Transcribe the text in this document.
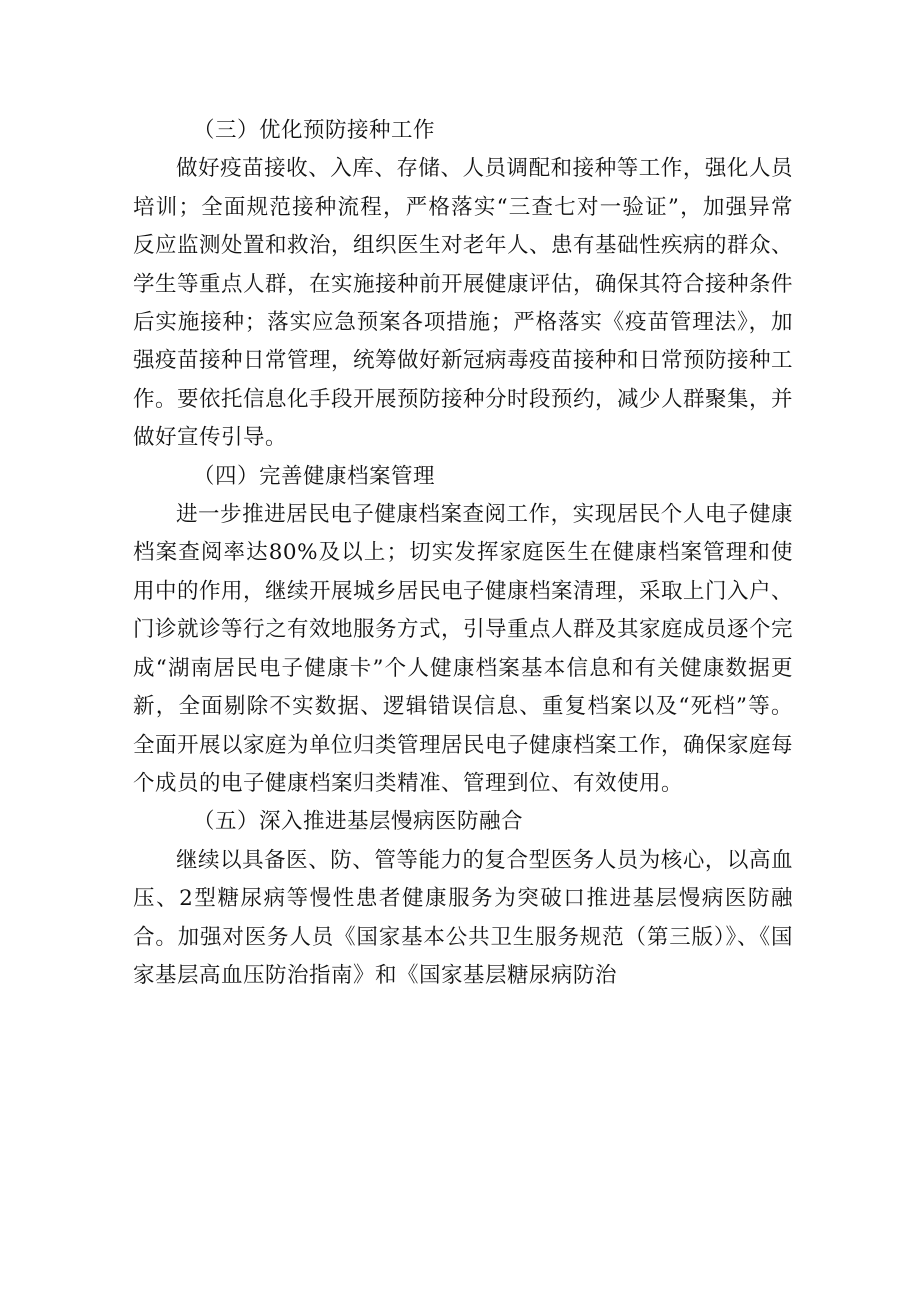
（三）优化预防接种工作

做好疫苗接收、入库、存储、人员调配和接种等工作，强化人员培训；全面规范接种流程，严格落实“三查七对一验证”，加强异常反应监测处置和救治，组织医生对老年人、患有基础性疾病的群众、学生等重点人群，在实施接种前开展健康评估，确保其符合接种条件后实施接种；落实应急预案各项措施；严格落实《疫苗管理法》，加强疫苗接种日常管理，统筹做好新冠病毒疫苗接种和日常预防接种工作。要依托信息化手段开展预防接种分时段预约，减少人群聚集，并做好宣传引导。

（四）完善健康档案管理

进一步推进居民电子健康档案查阅工作，实现居民个人电子健康档案查阅率达80%及以上；切实发挥家庭医生在健康档案管理和使用中的作用，继续开展城乡居民电子健康档案清理，采取上门入户、门诊就诊等行之有效地服务方式，引导重点人群及其家庭成员逐个完成“湖南居民电子健康卡”个人健康档案基本信息和有关健康数据更新，全面剔除不实数据、逻辑错误信息、重复档案以及“死档”等。全面开展以家庭为单位归类管理居民电子健康档案工作，确保家庭每个成员的电子健康档案归类精准、管理到位、有效使用。

（五）深入推进基层慢病医防融合

继续以具备医、防、管等能力的复合型医务人员为核心，以高血压、2型糖尿病等慢性患者健康服务为突破口推进基层慢病医防融合。加强对医务人员《国家基本公共卫生服务规范（第三版）》、《国家基层高血压防治指南》和《国家基层糖尿病防治
